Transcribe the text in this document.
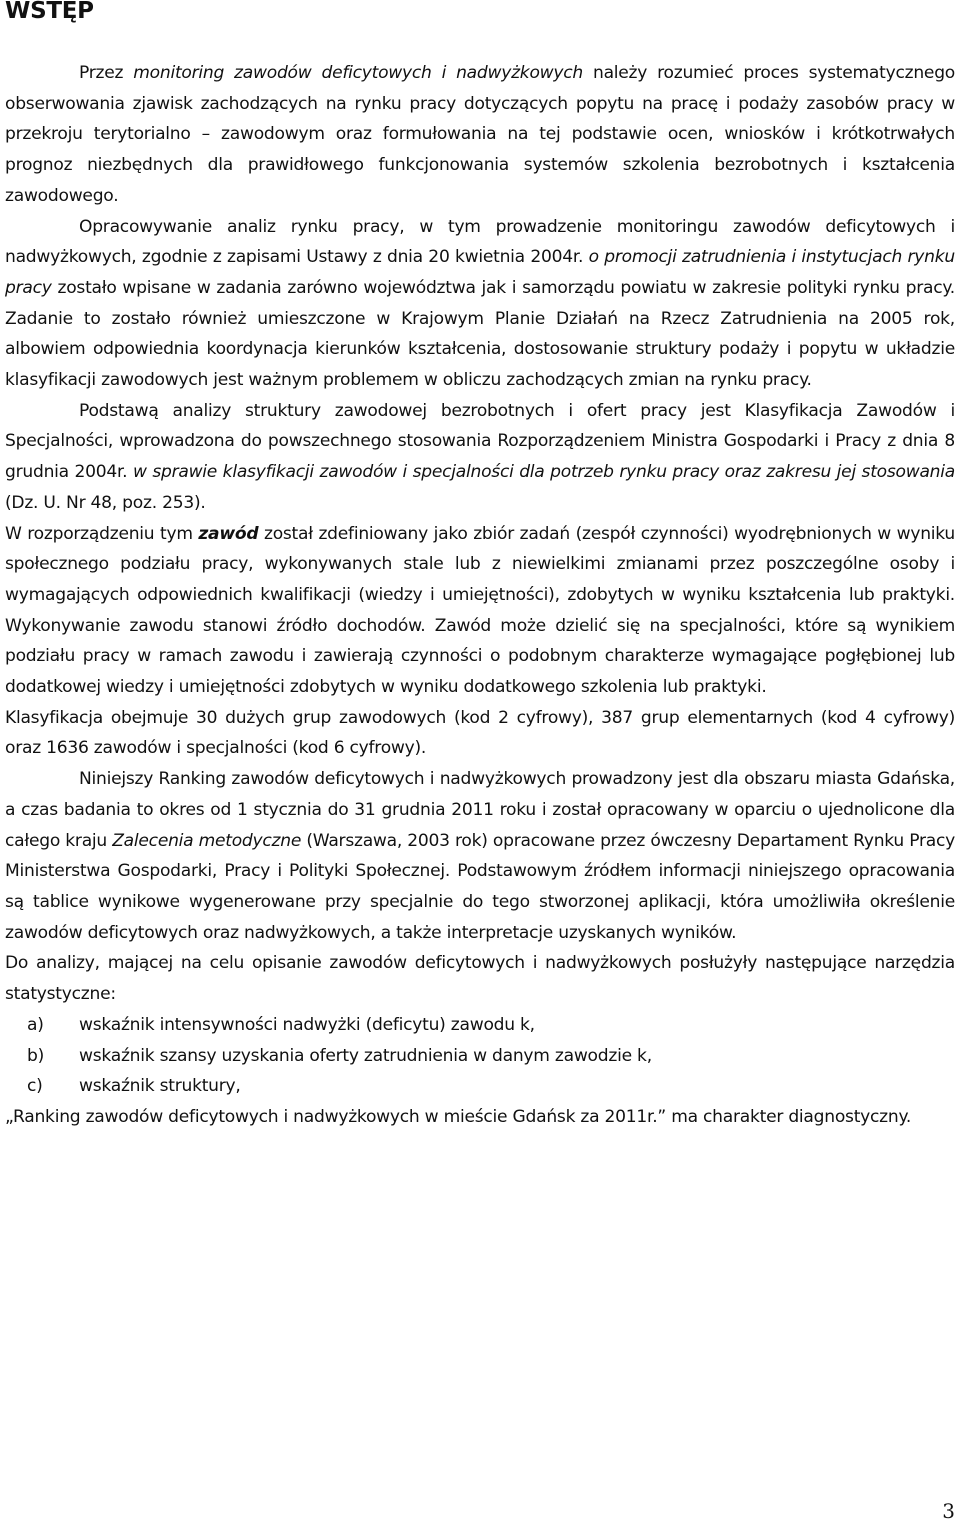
WSTĘP

Przez monitoring zawodów deficytowych i nadwyżkowych należy rozumieć proces systematycznego obserwowania zjawisk zachodzących na rynku pracy dotyczących popytu na pracę i podaży zasobów pracy w przekroju terytorialno – zawodowym oraz formułowania na tej podstawie ocen, wniosków i krótkotrwałych prognoz niezbędnych dla prawidłowego funkcjonowania systemów szkolenia bezrobotnych i kształcenia zawodowego.

Opracowywanie analiz rynku pracy, w tym prowadzenie monitoringu zawodów deficytowych i nadwyżkowych, zgodnie z zapisami Ustawy z dnia 20 kwietnia 2004r. o promocji zatrudnienia i instytucjach rynku pracy zostało wpisane w zadania zarówno województwa jak i samorządu powiatu w zakresie polityki rynku pracy. Zadanie to zostało również umieszczone w Krajowym Planie Działań na Rzecz Zatrudnienia na 2005 rok, albowiem odpowiednia koordynacja kierunków kształcenia, dostosowanie struktury podaży i popytu w układzie klasyfikacji zawodowych jest ważnym problemem w obliczu zachodzących zmian na rynku pracy.

Podstawą analizy struktury zawodowej bezrobotnych i ofert pracy jest Klasyfikacja Zawodów i Specjalności, wprowadzona do powszechnego stosowania Rozporządzeniem Ministra Gospodarki i Pracy z dnia 8 grudnia 2004r. w sprawie klasyfikacji zawodów i specjalności dla potrzeb rynku pracy oraz zakresu jej stosowania (Dz. U. Nr 48, poz. 253).

W rozporządzeniu tym zawód został zdefiniowany jako zbiór zadań (zespół czynności) wyodrębnionych w wyniku społecznego podziału pracy, wykonywanych stale lub z niewielkimi zmianami przez poszczególne osoby i wymagających odpowiednich kwalifikacji (wiedzy i umiejętności), zdobytych w wyniku kształcenia lub praktyki. Wykonywanie zawodu stanowi źródło dochodów. Zawód może dzielić się na specjalności, które są wynikiem podziału pracy w ramach zawodu i zawierają czynności o podobnym charakterze wymagające pogłębionej lub dodatkowej wiedzy i umiejętności zdobytych w wyniku dodatkowego szkolenia lub praktyki.

Klasyfikacja obejmuje 30 dużych grup zawodowych (kod 2 cyfrowy), 387 grup elementarnych (kod 4 cyfrowy) oraz 1636 zawodów i specjalności (kod 6 cyfrowy).

Niniejszy Ranking zawodów deficytowych i nadwyżkowych prowadzony jest dla obszaru miasta Gdańska, a czas badania to okres od 1 stycznia do 31 grudnia 2011 roku i został opracowany w oparciu o ujednolicone dla całego kraju Zalecenia metodyczne (Warszawa, 2003 rok) opracowane przez ówczesny Departament Rynku Pracy Ministerstwa Gospodarki, Pracy i Polityki Społecznej. Podstawowym źródłem informacji niniejszego opracowania są tablice wynikowe wygenerowane przy specjalnie do tego stworzonej aplikacji, która umożliwiła określenie zawodów deficytowych oraz nadwyżkowych, a także interpretacje uzyskanych wyników.

Do analizy, mającej na celu opisanie zawodów deficytowych i nadwyżkowych posłużyły następujące narzędzia statystyczne:

a)	wskaźnik intensywności nadwyżki (deficytu) zawodu k,
b)	wskaźnik szansy uzyskania oferty zatrudnienia w danym zawodzie k,
c)	wskaźnik struktury,

„Ranking zawodów deficytowych i nadwyżkowych w mieście Gdańsk za 2011r.” ma charakter diagnostyczny.

3
